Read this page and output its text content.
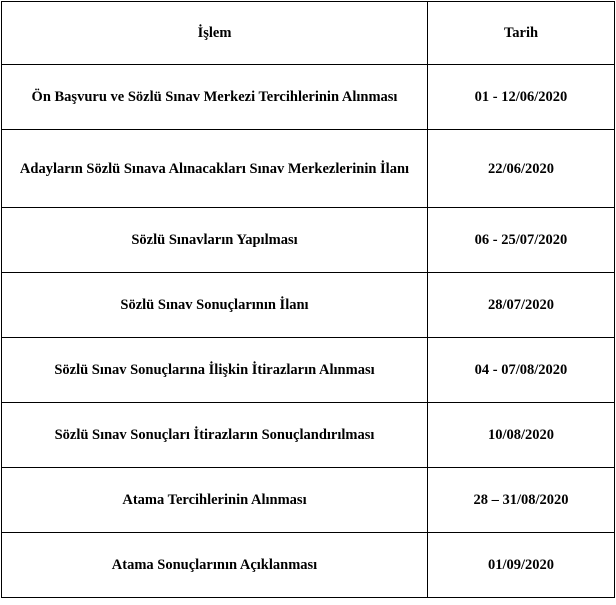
İşlem	Tarih
Ön Başvuru ve Sözlü Sınav Merkezi Tercihlerinin Alınması	01 - 12/06/2020
Adayların Sözlü Sınava Alınacakları Sınav Merkezlerinin İlanı	22/06/2020
Sözlü Sınavların Yapılması	06 - 25/07/2020
Sözlü Sınav Sonuçlarının İlanı	28/07/2020
Sözlü Sınav Sonuçlarına İlişkin İtirazların Alınması	04 - 07/08/2020
Sözlü Sınav Sonuçları İtirazların Sonuçlandırılması	10/08/2020
Atama Tercihlerinin Alınması	28 – 31/08/2020
Atama Sonuçlarının Açıklanması	01/09/2020
